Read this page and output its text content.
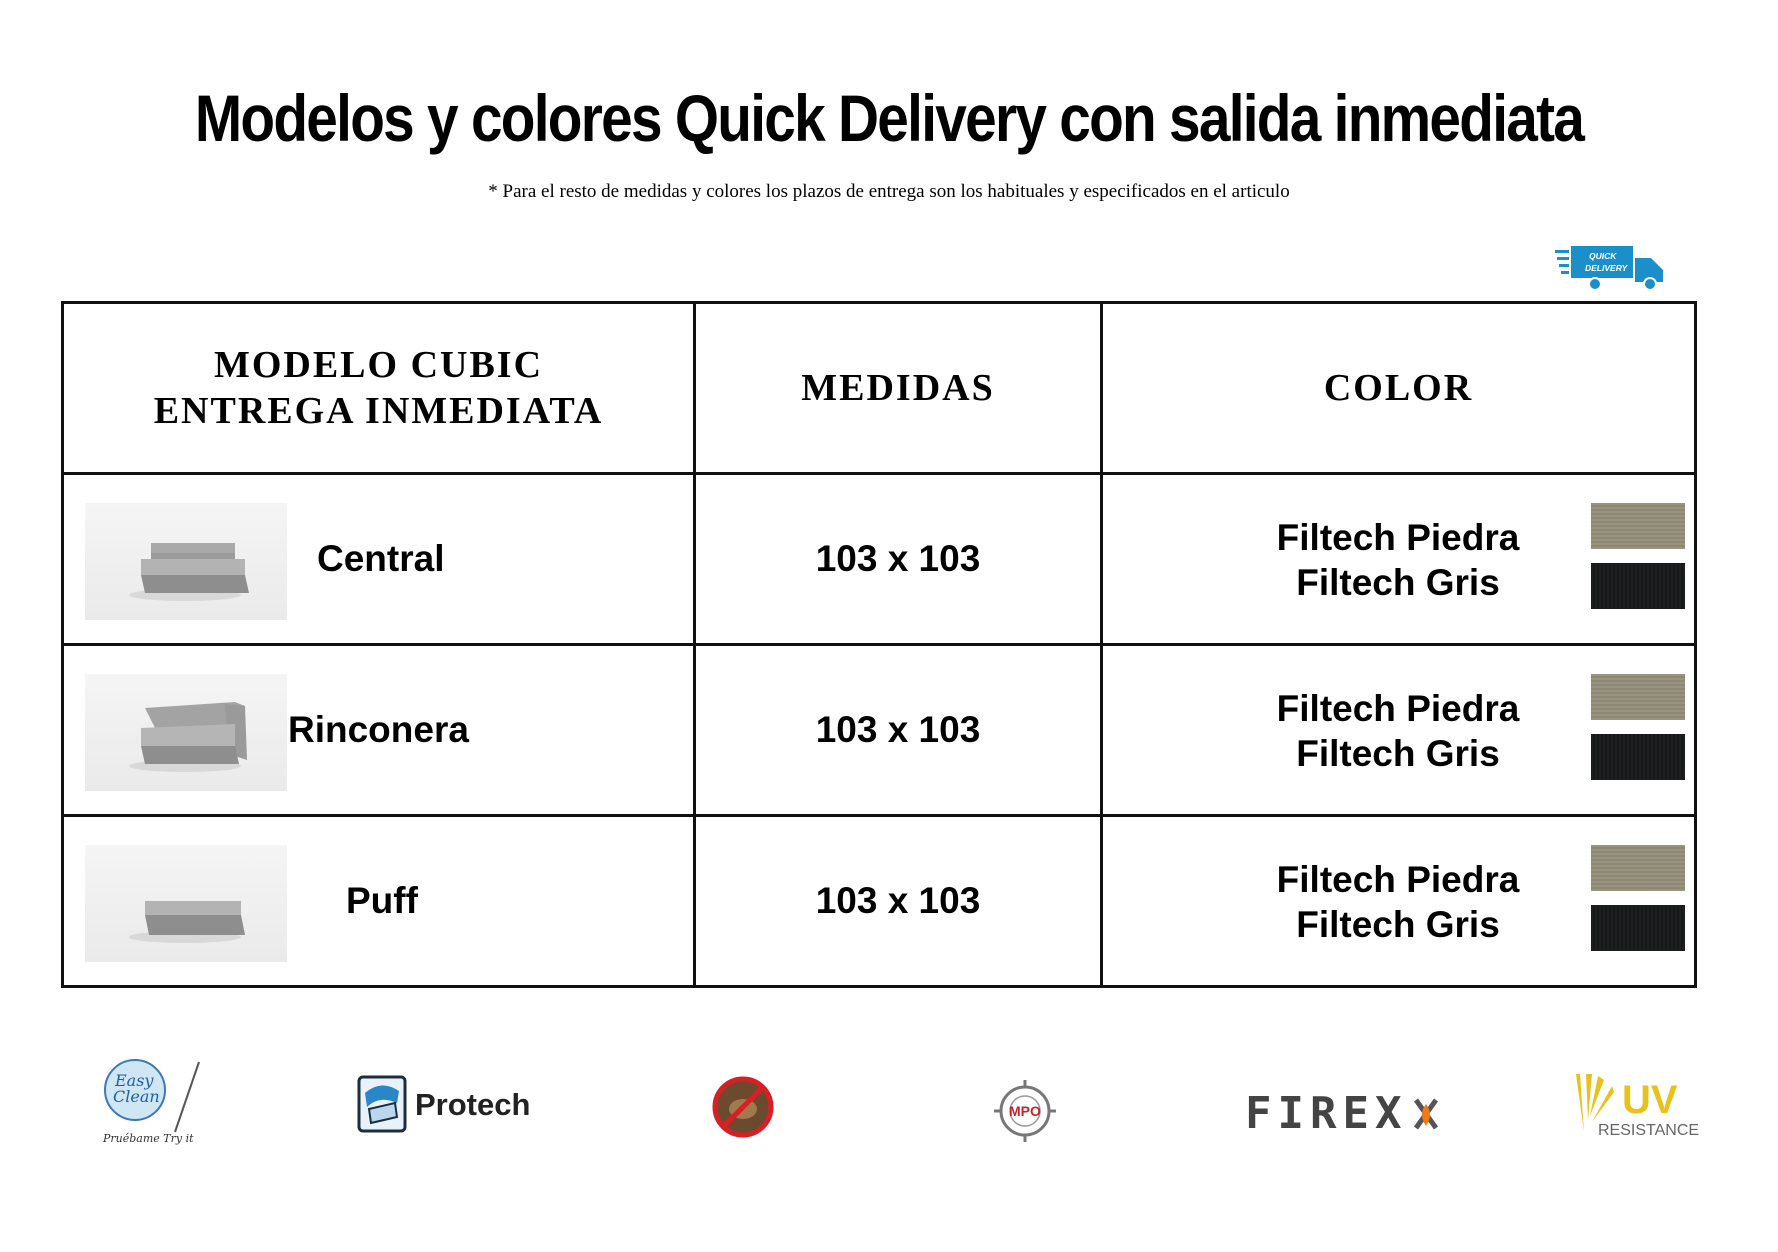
Modelos y colores Quick Delivery con salida inmediata
* Para el resto de medidas y colores los plazos de entrega son los habituales y especificados en el articulo
QUICK
DELIVERY
MODELO CUBIC
ENTREGA INMEDIATA	MEDIDAS	COLOR

Central	103 x 103	Filtech Piedra
Filtech Gris

Rinconera	103 x 103	Filtech Piedra
Filtech Gris

Puff	103 x 103	Filtech Piedra
Filtech Gris
Easy
Clean
Pruébame Try it
Protech	MPO	FIREX	UV
RESISTANCE
